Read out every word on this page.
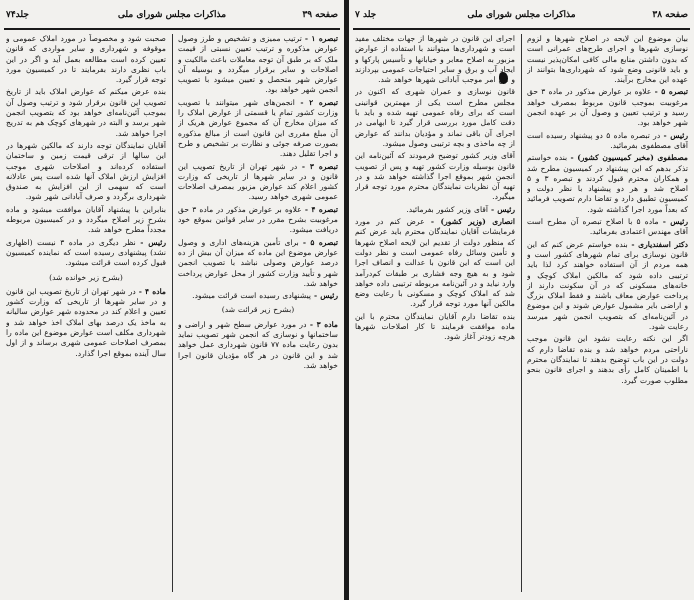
صفحه ۳۹
مذاکرات مجلس شورای ملی
جلد۷۴

تبصره ۱ - ترتیب ممیزی و تشخیص و طرز وصول عوارض مذکوره و ترتیب تعیین نسبتی از قیمت ملک که بر طبق آن توجه معاملات باعث مالکیت و اصلاحات و سایر برقرار میگردد و بوسیله آن عوارض شهر متحصل و تعیین میشود با تصویب انجمن شهر خواهد بود.

تبصره ۲ - انجمن‌های شهر میتوانند با تصویب وزارت کشور تمام یا قسمتی از عوارض املاک را که میزان مخارج آن که مجموع عوارض هریک از آن مبلغ مقرری این قانون است از مبالغ مذکوره بصورت صرفه جوئی و نظارت بر تشخیص و طرح و اجرا تقلیل دهند.

تبصره ۳ - در شهر تهران از تاریخ تصویب این قانون و در سایر شهرها از تاریخی که وزارت کشور اعلام کند عوارض مزبور بمصرف اصلاحات عمومی شهری خواهد رسید.

تبصره ۴ - علاوه بر عوارض مذکور در ماده ۳ حق مرغوبیت بشرح مقرر در سایر قوانین بموقع خود دریافت میشود.

تبصره ۵ - برای تأمین هزینه‌های اداری و وصول عوارض موضوع این ماده که میزان آن بیش از ده درصد عوارض وصولی نباشد با تصویب انجمن شهر و تأیید وزارت کشور از محل عوارض پرداخت خواهد شد.

رئیس - پیشنهادی رسیده است قرائت میشود.

(بشرح زیر قرائت شد)

ماده ۳ - در مورد عوارض سطح شهر و اراضی و ساختمانها و نوسازی که انجمن شهر تصویب نماید بدون رعایت ماده ۷۷ قانون شهرداری عمل خواهد شد و این قانون در هر گاه مؤدیان قانون اجرا خواهد شد.

صحبت شود و مخصوصاً در مورد املاک عمومی و موقوفه و شهرداری و سایر مواردی که قانون تعیین کرده است مطالعه بعمل آید و اگر در این باب نظری دارند بفرمایند تا در کمیسیون مورد توجه قرار گیرد.

بنده عرض میکنم که عوارض املاک باید از تاریخ تصویب این قانون برقرار شود و ترتیب وصول آن بموجب آئین‌نامه‌ای خواهد بود که بتصویب انجمن شهر برسد و البته در شهرهای کوچک هم به تدریج اجرا خواهد شد.

آقایان نمایندگان توجه دارند که مالکین شهرها در این سالها از ترقی قیمت زمین و ساختمان استفاده کرده‌اند و اصلاحات شهری موجب افزایش ارزش املاک آنها شده است پس عادلانه است که سهمی از این افزایش به صندوق شهرداری برگردد و صرف آبادانی شهر شود.

بنابراین با پیشنهاد آقایان موافقت میشود و ماده بشرح زیر اصلاح میگردد و در کمیسیون مربوطه مجدداً مطرح خواهد شد.

رئیس - نظر دیگری در ماده ۳ نیست (اظهاری نشد) پیشنهادی رسیده است که نماینده کمیسیون قبول کرده است قرائت میشود.

(بشرح زیر خوانده شد)

ماده ۴ - در شهر تهران از تاریخ تصویب این قانون و در سایر شهرها از تاریخی که وزارت کشور تعیین و اعلام کند در محدوده شهر عوارض سالیانه به ماخذ یک درصد بهای املاک اخذ خواهد شد و شهرداری مکلف است عوارض موضوع این ماده را بمصرف اصلاحات عمومی شهری برساند و از اول سال آینده بموقع اجرا گذارد.

صفحه ۳۸
مذاکرات مجلس شورای ملی
جلد ۷

بیان موضوع این لایحه در اصلاح شهرها و لزوم نوسازی شهرها و اجرای طرح‌های عمرانی است که بدون داشتن منابع مالی کافی امکان‌پذیر نیست و باید قانونی وضع شود که شهرداری‌ها بتوانند از عهده این مخارج برآیند.

تبصره ۵ - علاوه بر عوارض مذکور در ماده ۳ حق مرغوبیت بموجب قانون مربوط بمصرف خواهد رسید و ترتیب تعیین و وصول آن بر عهده انجمن شهر خواهد بود.

رئیس - در تبصره ماده ۵ دو پیشنهاد رسیده است آقای مصطفوی بفرمائید.

مصطفوی (مخبر کمیسیون کشور) - بنده خواستم تذکر بدهم که این پیشنهاد در کمیسیون مطرح شد و همکاران محترم قبول کردند و تبصره ۳ و ۵ اصلاح شد و هر دو پیشنهاد با نظر دولت و کمیسیون تطبیق دارد و تقاضا دارم تصویب فرمائید که بعداً مورد اجرا گذاشته شود.

رئیس - ماده ۵ با اصلاح تبصره آن مطرح است آقای مهندس اعتمادی بفرمائید.

دکتر اسفندیاری - بنده خواستم عرض کنم که این قانون نوسازی برای تمام شهرهای کشور است و همه مردم از آن استفاده خواهند کرد لذا باید ترتیبی داده شود که مالکین املاک کوچک و خانه‌های مسکونی که در آن سکونت دارند از پرداخت عوارض معاف باشند و فقط املاک بزرگ و اراضی بایر مشمول عوارض شوند و این موضوع در آئین‌نامه‌ای که بتصویب انجمن شهر میرسد رعایت شود.

اگر این نکته رعایت نشود این قانون موجب ناراحتی مردم خواهد شد و بنده تقاضا دارم که دولت در این باب توضیح بدهند تا نمایندگان محترم با اطمینان کامل رأی بدهند و اجرای قانون بنحو مطلوب صورت گیرد.

اجرای این قانون در شهرها از جهات مختلف مفید است و شهرداری‌ها میتوانند با استفاده از عوارض مزبور به اصلاح معابر و خیابانها و تأسیس پارکها و ایجاد آب و برق و سایر احتیاجات عمومی بپردازند و این امر موجب آبادانی شهرها خواهد شد.

قانون نوسازی و عمران شهری که اکنون در مجلس مطرح است یکی از مهمترین قوانینی است که برای رفاه عمومی تهیه شده و باید با دقت کامل مورد بررسی قرار گیرد تا ابهامی در اجرای آن باقی نماند و مؤدیان بدانند که عوارض از چه ماخذی و بچه ترتیبی وصول میشود.

آقای وزیر کشور توضیح فرمودند که آئین‌نامه این قانون بوسیله وزارت کشور تهیه و پس از تصویب انجمن شهر بموقع اجرا گذاشته خواهد شد و در تهیه آن نظریات نمایندگان محترم مورد توجه قرار میگیرد.

رئیس - آقای وزیر کشور بفرمائید.

انصاری (وزیر کشور) - عرض کنم در مورد فرمایشات آقایان نمایندگان محترم باید عرض کنم که منظور دولت از تقدیم این لایحه اصلاح شهرها و تأمین وسائل رفاه عمومی است و نظر دولت این است که این قانون با عدالت و انصاف اجرا شود و به هیچ وجه فشاری بر طبقات کم‌درآمد وارد نیاید و در آئین‌نامه مربوطه ترتیبی داده خواهد شد که املاک کوچک و مسکونی با رعایت وضع مالکین آنها مورد توجه قرار گیرد.

بنده تقاضا دارم آقایان نمایندگان محترم با این ماده موافقت فرمایند تا کار اصلاحات شهرها هرچه زودتر آغاز شود.
